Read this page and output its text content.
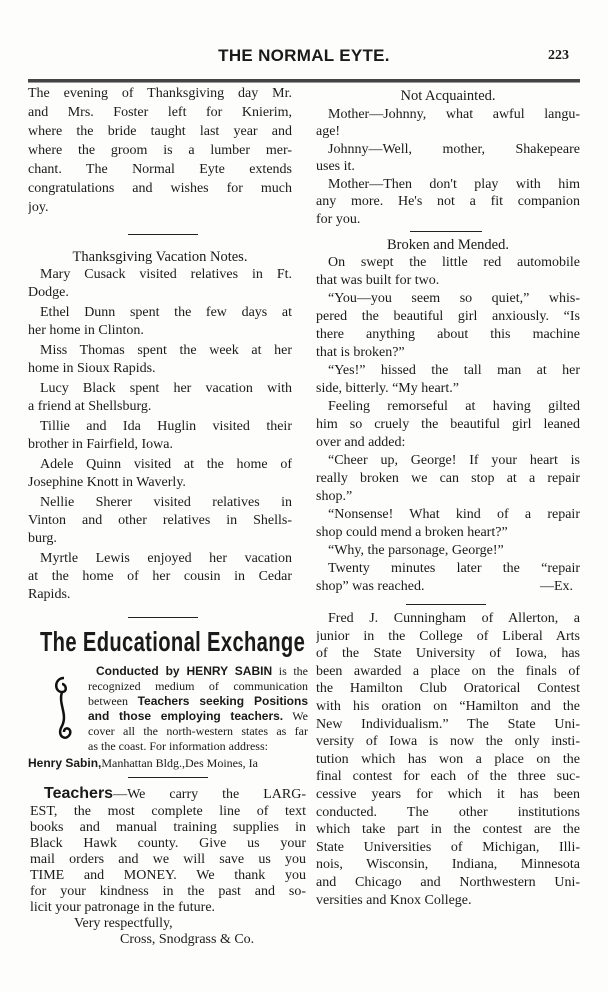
THE NORMAL EYTE.	223
The evening of Thanksgiving day Mr.
and Mrs. Foster left for Knierim,
where the bride taught last year and
where the groom is a lumber mer-
chant. The Normal Eyte extends
congratulations and wishes for much
joy.
Thanksgiving Vacation Notes.
Mary Cusack visited relatives in Ft.
Dodge.
Ethel Dunn spent the few days at
her home in Clinton.
Miss Thomas spent the week at her
home in Sioux Rapids.
Lucy Black spent her vacation with
a friend at Shellsburg.
Tillie and Ida Huglin visited their
brother in Fairfield, Iowa.
Adele Quinn visited at the home of
Josephine Knott in Waverly.
Nellie Sherer visited relatives in
Vinton and other relatives in Shells-
burg.
Myrtle Lewis enjoyed her vacation
at the home of her cousin in Cedar
Rapids.
The Educational Exchange
Conducted by HENRY SABIN is the
recognized medium of communication
between Teachers seeking Positions
and those employing teachers. We
cover all the north-western states as far
as the coast. For information address:
Henry Sabin,Manhattan Bldg.,Des Moines, Ia
Teachers—We carry the LARG-
EST, the most complete line of text
books and manual training supplies in
Black Hawk county. Give us your
mail orders and we will save us you
TIME and MONEY. We thank you
for your kindness in the past and so-
licit your patronage in the future.
Very respectfully,
Cross, Snodgrass & Co.
Not Acquainted.
Mother—Johnny, what awful langu-
age!
Johnny—Well, mother, Shakepeare
uses it.
Mother—Then don't play with him
any more. He's not a fit companion
for you.
Broken and Mended.
On swept the little red automobile
that was built for two.
“You—you seem so quiet,” whis-
pered the beautiful girl anxiously. “Is
there anything about this machine
that is broken?”
“Yes!” hissed the tall man at her
side, bitterly. “My heart.”
Feeling remorseful at having gilted
him so cruely the beautiful girl leaned
over and added:
“Cheer up, George! If your heart is
really broken we can stop at a repair
shop.”
“Nonsense! What kind of a repair
shop could mend a broken heart?”
“Why, the parsonage, George!”
Twenty minutes later the “repair
shop” was reached.	—Ex.
Fred J. Cunningham of Allerton, a
junior in the College of Liberal Arts
of the State University of Iowa, has
been awarded a place on the finals of
the Hamilton Club Oratorical Contest
with his oration on “Hamilton and the
New Individualism.” The State Uni-
versity of Iowa is now the only insti-
tution which has won a place on the
final contest for each of the three suc-
cessive years for which it has been
conducted. The other institutions
which take part in the contest are the
State Universities of Michigan, Illi-
nois, Wisconsin, Indiana, Minnesota
and Chicago and Northwestern Uni-
versities and Knox College.
